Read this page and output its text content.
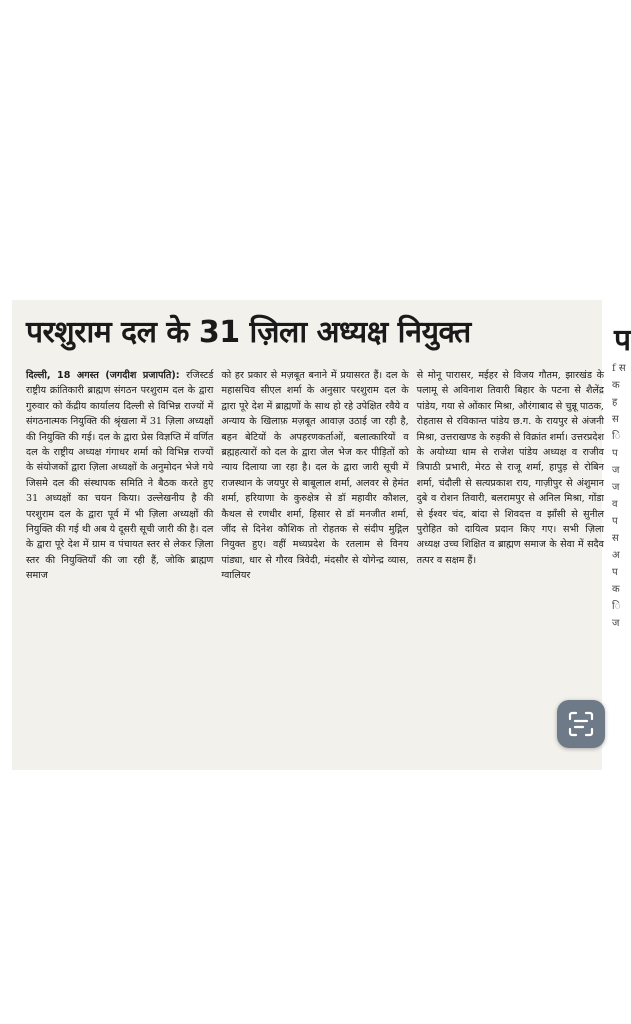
परशुराम दल के 31 ज़िला अध्यक्ष नियुक्त
दिल्ली, 18 अगस्त (जगदीश प्रजापति): रजिस्टर्ड राष्ट्रीय क्रांतिकारी ब्राह्मण संगठन परशुराम दल के द्वारा गुरुवार को केंद्रीय कार्यालय दिल्ली से विभिन्न राज्यों में संगठनात्मक नियुक्ति की श्रृंखला में 31 ज़िला अध्यक्षों की नियुक्ति की गई। दल के द्वारा प्रेस विज्ञप्ति में वर्णित दल के राष्ट्रीय अध्यक्ष गंगाधर शर्मा को विभिन्न राज्यों के संयोजकों द्वारा ज़िला अध्यक्षों के अनुमोदन भेजे गये जिसमे दल की संस्थापक समिति ने बैठक करते हुए 31 अध्यक्षों का चयन किया। उल्लेखनीय है की परशुराम दल के द्वारा पूर्व में भी ज़िला अध्यक्षों की नियुक्ति की गई थी अब ये दूसरी सूची जारी की है। दल के द्वारा पूरे देश में ग्राम व पंचायत स्तर से लेकर ज़िला स्तर की नियुक्तियाँ की जा रही हैं, जोकि ब्राह्मण समाज
को हर प्रकार से मज़बूत बनाने में प्रयासरत हैं। दल के महासचिव सीएल शर्मा के अनुसार परशुराम दल के द्वारा पूरे देश में ब्राह्मणों के साथ हो रहे उपेक्षित रवैये व अन्याय के खिलाफ़ मज़बूत आवाज़ उठाई जा रही है, बहन बेटियों के अपहरणकर्ताओं, बलात्कारियों व ब्रह्महत्यारों को दल के द्वारा जेल भेज कर पीड़ितों को न्याय दिलाया जा रहा है। दल के द्वारा जारी सूची में राजस्थान के जयपुर से बाबूलाल शर्मा, अलवर से हेमंत शर्मा, हरियाणा के कुरुक्षेत्र से डॉ महावीर कौशल, कैथल से रणधीर शर्मा, हिसार से डॉ मनजीत शर्मा, जींद से दिनेश कौशिक तो रोहतक से संदीप मुद्गिल नियुक्त हुए। वहीं मध्यप्रदेश के रतलाम से विनय पांड्या, धार से गौरव त्रिवेदी, मंदसौर से योगेन्द्र व्यास, ग्वालियर
से मोनू पारासर, मईहर से विजय गौतम, झारखंड के पलामू से अविनाश तिवारी बिहार के पटना से शैलेंद्र पांडेय, गया से ओंकार मिश्रा, औरंगाबाद से चुन्नू पाठक, रोहतास से रविकान्त पांडेय छ.ग. के रायपुर से अंजनी मिश्रा, उत्तराखण्ड के रुड़की से विक्रांत शर्मा। उत्तरप्रदेश के अयोध्या धाम से राजेश पांडेय अध्यक्ष व राजीव त्रिपाठी प्रभारी, मेरठ से राजू शर्मा, हापुड़ से रोबिन शर्मा, चंदौली से सत्यप्रकाश राय, गाज़ीपुर से अंशुमान दुबे व रोशन तिवारी, बलरामपुर से अनिल मिश्रा, गोंडा से ईश्वर चंद, बांदा से शिवदत्त व झाँसी से सुनील पुरोहित को दायित्व प्रदान किए गए। सभी ज़िला अध्यक्ष उच्च शिक्षित व ब्राह्मण समाज के सेवा में सदैव तत्पर व सक्षम हैं।
प
f स क ह स ि प ज ज व प स अ प क ि ज
